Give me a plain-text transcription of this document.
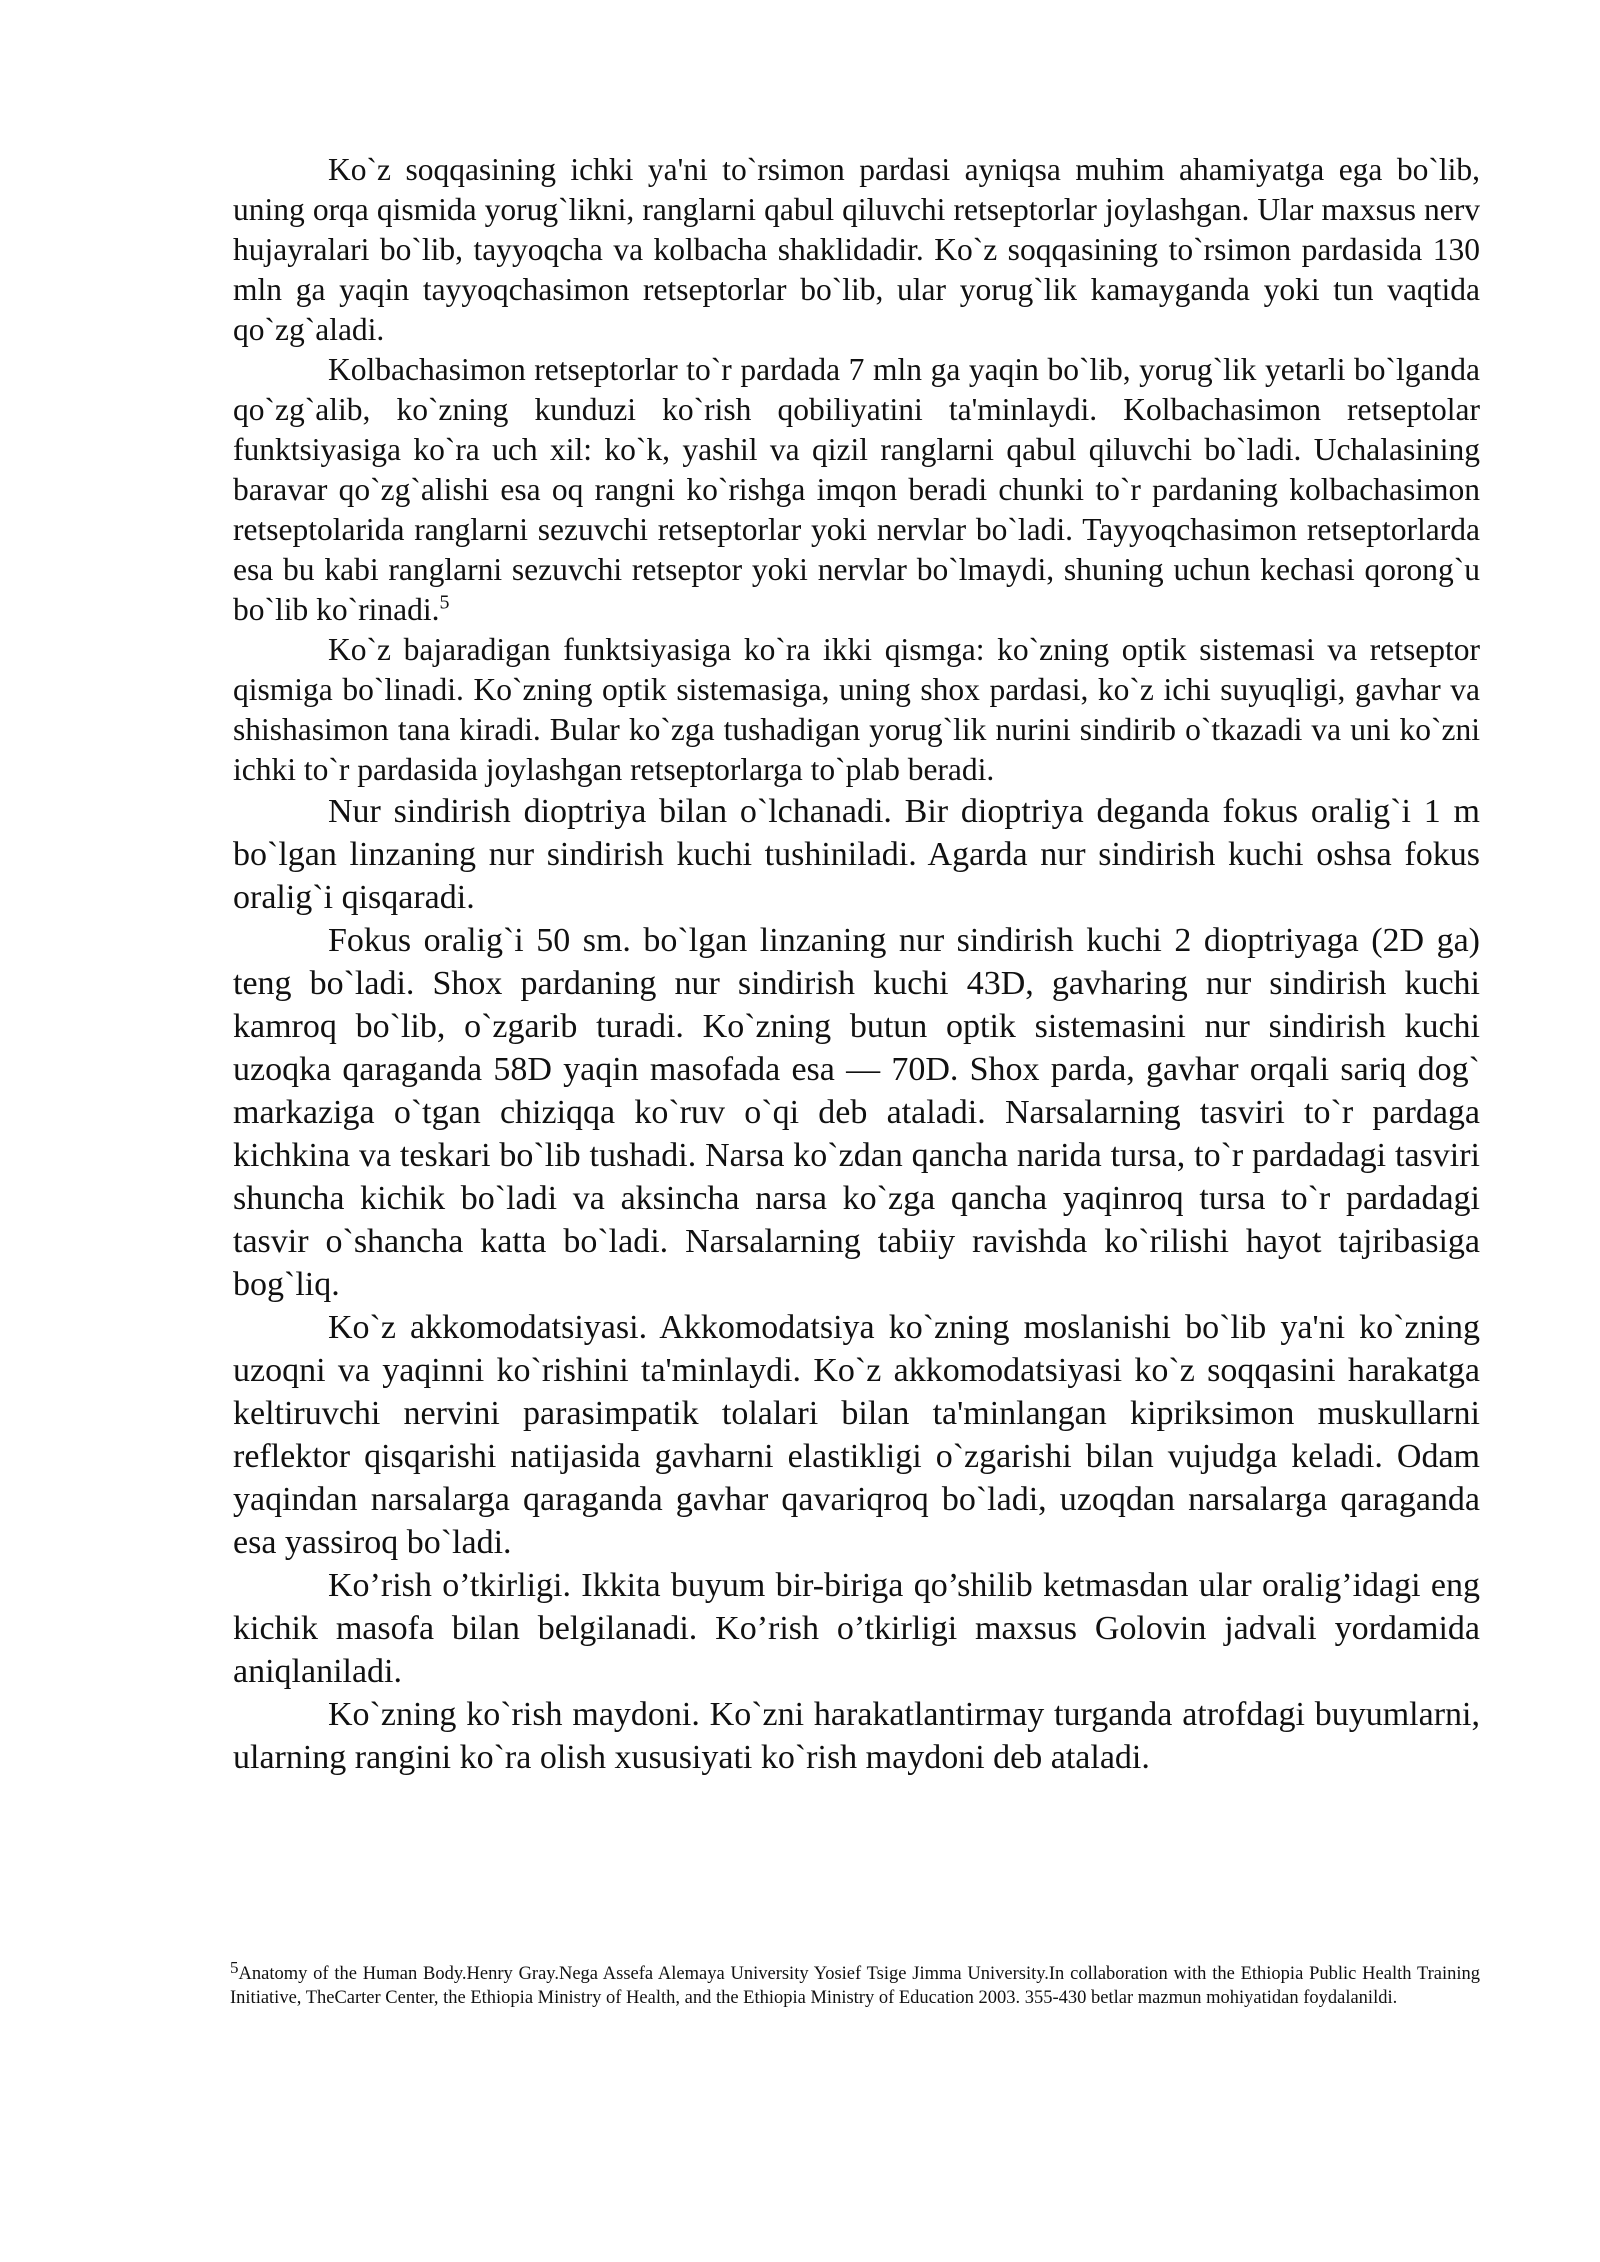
Ko`z soqqasining ichki ya'ni to`rsimon pardasi ayniqsa muhim ahamiyatga ega bo`lib, uning orqa qismida yorug`likni, ranglarni qabul qiluvchi retseptorlar joylashgan. Ular maxsus nerv hujayralari bo`lib, tayyoqcha va kolbacha shaklidadir. Ko`z soqqasining to`rsimon pardasida 130 mln ga yaqin tayyoqchasimon retseptorlar bo`lib, ular yorug`lik kamayganda yoki tun vaqtida qo`zg`aladi.

Kolbachasimon retseptorlar to`r pardada 7 mln ga yaqin bo`lib, yorug`lik yetarli bo`lganda qo`zg`alib, ko`zning kunduzi ko`rish qobiliyatini ta'minlaydi. Kolbachasimon retseptolar funktsiyasiga ko`ra uch xil: ko`k, yashil va qizil ranglarni qabul qiluvchi bo`ladi. Uchalasining baravar qo`zg`alishi esa oq rangni ko`rishga imqon beradi chunki to`r pardaning kolbachasimon retseptolarida ranglarni sezuvchi retseptorlar yoki nervlar bo`ladi. Tayyoqchasimon retseptorlarda esa bu kabi ranglarni sezuvchi retseptor yoki nervlar bo`lmaydi, shuning uchun kechasi qorong`u bo`lib ko`rinadi.$^5$

Ko`z bajaradigan funktsiyasiga ko`ra ikki qismga: ko`zning optik sistemasi va retseptor qismiga bo`linadi. Ko`zning optik sistemasiga, uning shox pardasi, ko`z ichi suyuqligi, gavhar va shishasimon tana kiradi. Bular ko`zga tushadigan yorug`lik nurini sindirib o`tkazadi va uni ko`zni ichki to`r pardasida joylashgan retseptorlarga to`plab beradi.

Nur sindirish dioptriya bilan o`lchanadi. Bir dioptriya deganda fokus oralig`i 1 m bo`lgan linzaning nur sindirish kuchi tushiniladi. Agarda nur sindirish kuchi oshsa fokus oralig`i qisqaradi.

Fokus oralig`i 50 sm. bo`lgan linzaning nur sindirish kuchi 2 dioptriyaga (2D ga) teng bo`ladi. Shox pardaning nur sindirish kuchi 43D, gavharing nur sindirish kuchi kamroq bo`lib, o`zgarib turadi. Ko`zning butun optik sistemasini nur sindirish kuchi uzoqka qaraganda 58D yaqin masofada esa — 70D. Shox parda, gavhar orqali sariq dog` markaziga o`tgan chiziqqa ko`ruv o`qi deb ataladi. Narsalarning tasviri to`r pardaga kichkina va teskari bo`lib tushadi. Narsa ko`zdan qancha narida tursa, to`r pardadagi tasviri shuncha kichik bo`ladi va aksincha narsa ko`zga qancha yaqinroq tursa to`r pardadagi tasvir o`shancha katta bo`ladi. Narsalarning tabiiy ravishda ko`rilishi hayot tajribasiga bog`liq.

Ko`z akkomodatsiyasi. Akkomodatsiya ko`zning moslanishi bo`lib ya'ni ko`zning uzoqni va yaqinni ko`rishini ta'minlaydi. Ko`z akkomodatsiyasi ko`z soqqasini harakatga keltiruvchi nervini parasimpatik tolalari bilan ta'minlangan kipriksimon muskullarni reflektor qisqarishi natijasida gavharni elastikligi o`zgarishi bilan vujudga keladi. Odam yaqindan narsalarga qaraganda gavhar qavariqroq bo`ladi, uzoqdan narsalarga qaraganda esa yassiroq bo`ladi.

Ko’rish o’tkirligi. Ikkita buyum bir-biriga qo’shilib ketmasdan ular oralig’idagi eng kichik masofa bilan belgilanadi. Ko’rish o’tkirligi maxsus Golovin jadvali yordamida aniqlaniladi.

Ko`zning ko`rish maydoni. Ko`zni harakatlantirmay turganda atrofdagi buyumlarni, ularning rangini ko`ra olish xususiyati ko`rish maydoni deb ataladi.

$^5$Anatomy of the Human Body.Henry Gray.Nega Assefa Alemaya University Yosief Tsige Jimma University.In collaboration with the Ethiopia Public Health Training Initiative, TheCarter Center, the Ethiopia Ministry of Health, and the Ethiopia Ministry of Education 2003. 355-430 betlar mazmun mohiyatidan foydalanildi.
